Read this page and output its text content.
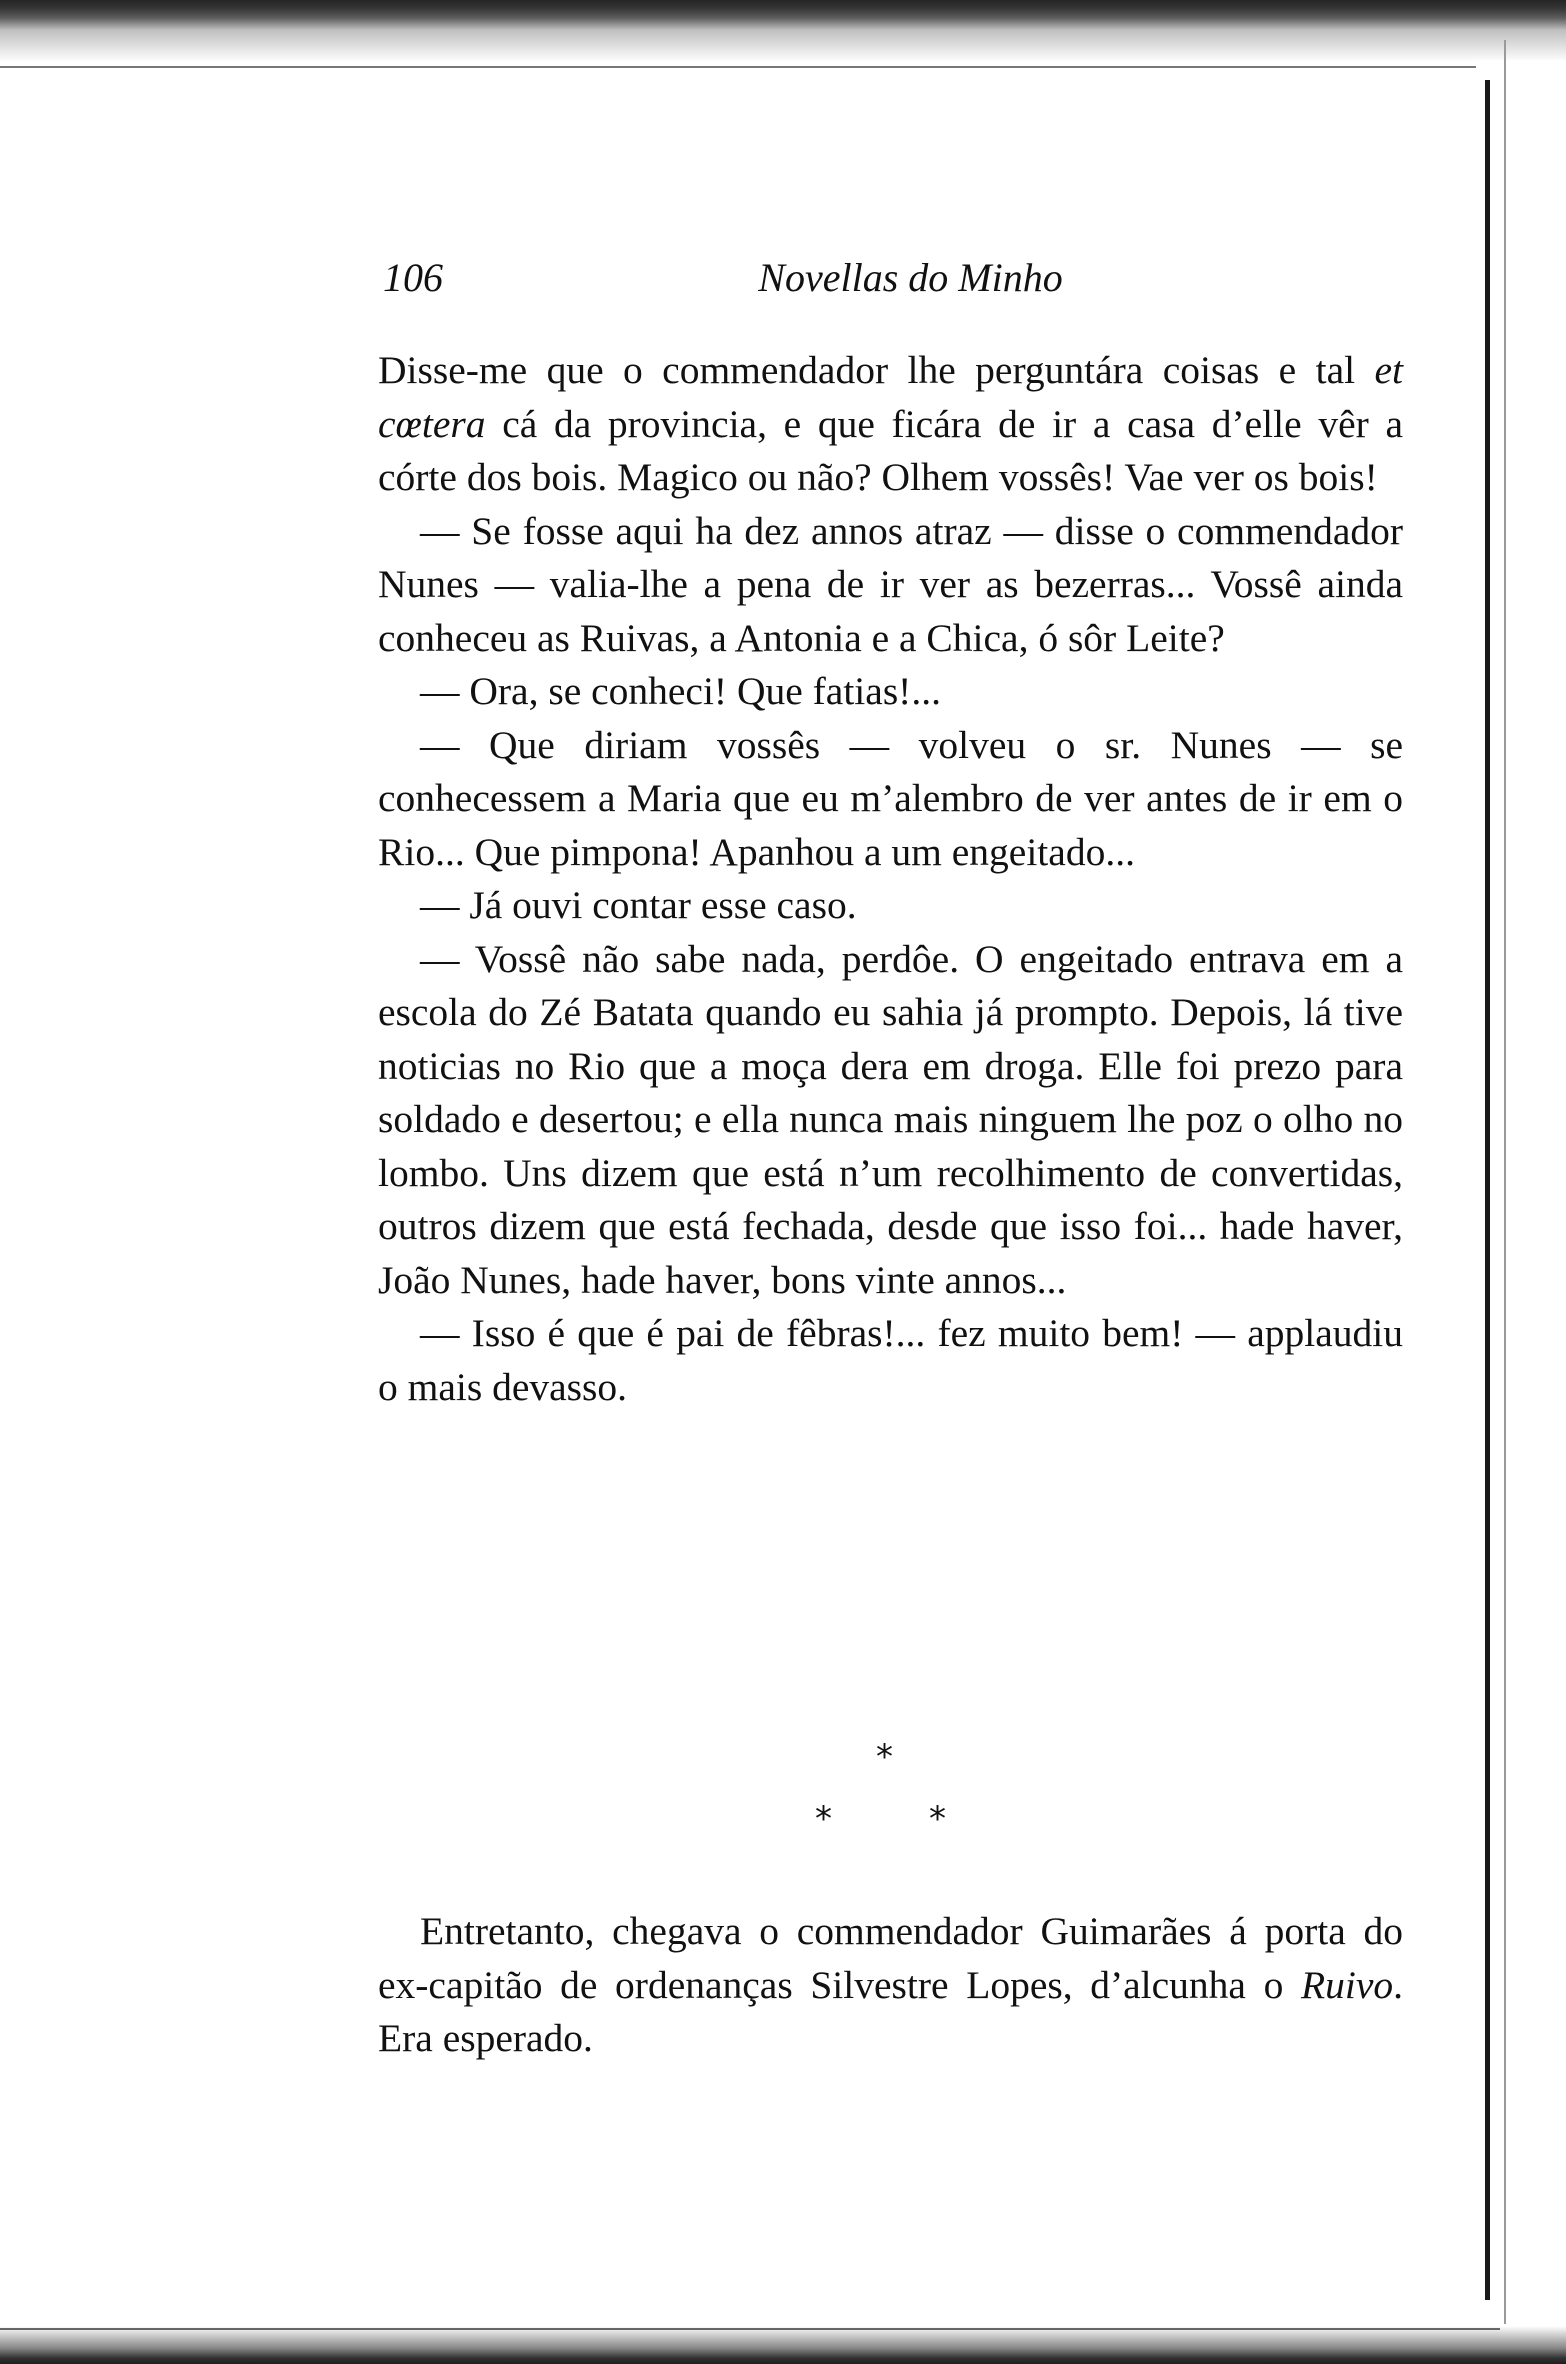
106	Novellas do Minho

Disse-me que o commendador lhe perguntára coisas e tal et cœtera cá da provincia, e que ficára de ir a casa d’elle vêr a córte dos bois. Magico ou não? Olhem vossês! Vae ver os bois!

— Se fosse aqui ha dez annos atraz — disse o commendador Nunes — valia-lhe a pena de ir ver as bezerras... Vossê ainda conheceu as Ruivas, a Antonia e a Chica, ó sôr Leite?

— Ora, se conheci! Que fatias!...

— Que diriam vossês — volveu o sr. Nunes — se conhecessem a Maria que eu m’alembro de ver antes de ir em o Rio... Que pimpona! Apanhou a um engeitado...

— Já ouvi contar esse caso.

— Vossê não sabe nada, perdôe. O engeitado entrava em a escola do Zé Batata quando eu sahia já prompto. Depois, lá tive noticias no Rio que a moça dera em droga. Elle foi prezo para soldado e desertou; e ella nunca mais ninguem lhe poz o olho no lombo. Uns dizem que está n’um recolhimento de convertidas, outros dizem que está fechada, desde que isso foi... hade haver, João Nunes, hade haver, bons vinte annos...

— Isso é que é pai de fêbras!... fez muito bem! — applaudiu o mais devasso.

*
*	*

Entretanto, chegava o commendador Guimarães á porta do ex-capitão de ordenanças Silvestre Lopes, d’alcunha o Ruivo. Era esperado.
